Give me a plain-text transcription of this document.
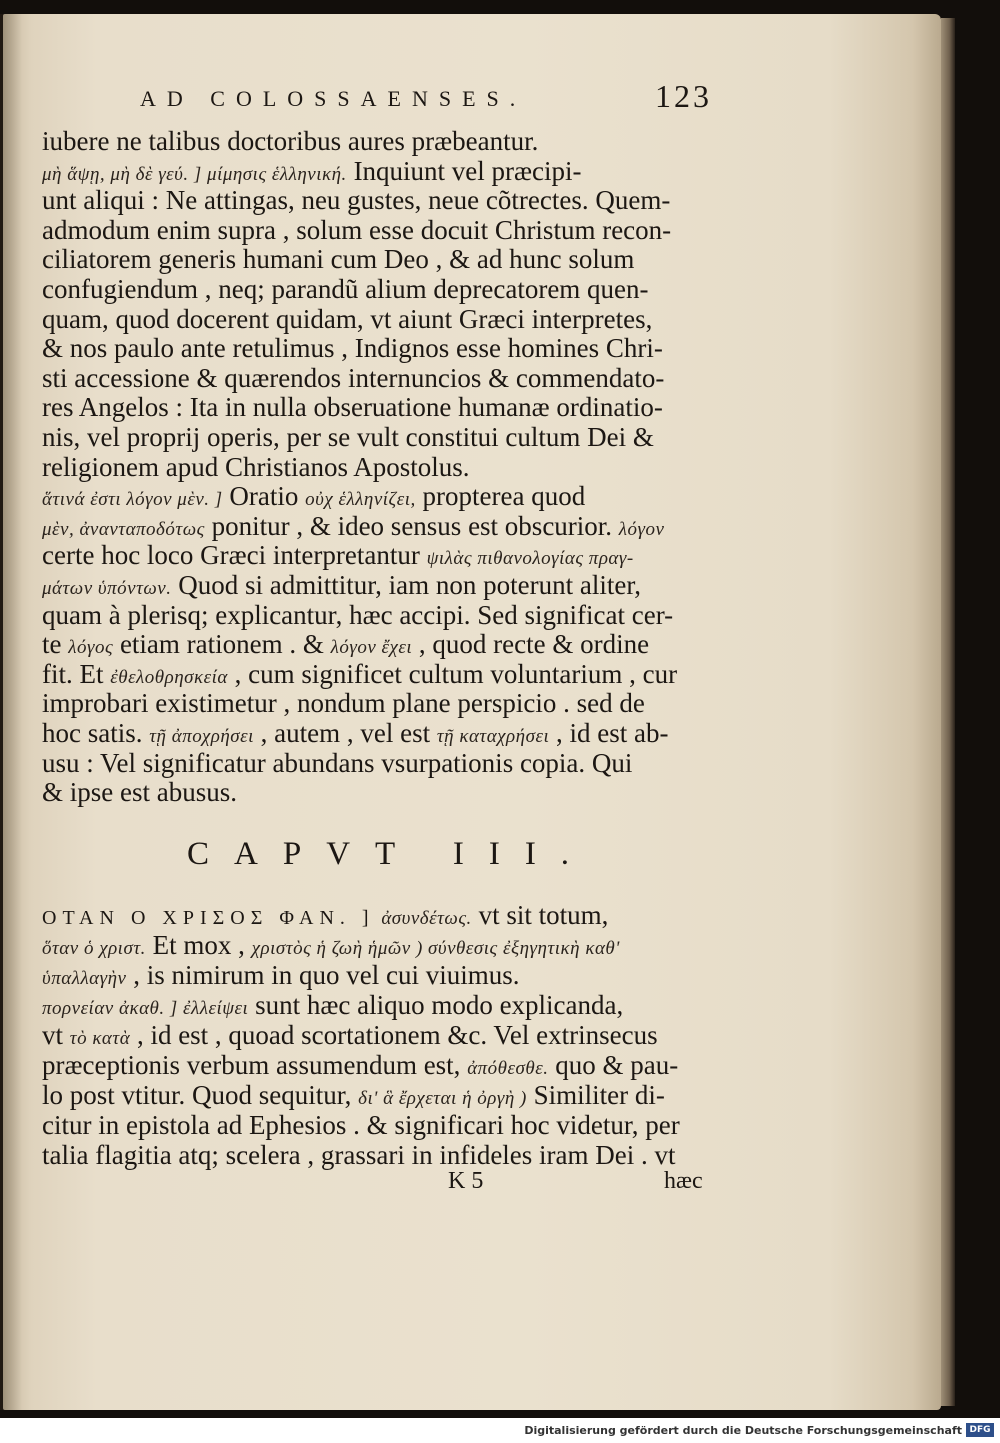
AD COLOSSAENSES.	123
iubere ne talibus doctoribus aures præbeantur.
μὴ ἅψῃ, μὴ δὲ γεύ. ] μίμησις ἑλληνική. Inquiunt vel præcipi-
unt aliqui : Ne attingas, neu gustes, neue cõtrectes. Quem-
admodum enim supra , solum esse docuit Christum recon-
ciliatorem generis humani cum Deo , & ad hunc solum
confugiendum , neq; parandũ alium deprecatorem quen-
quam, quod docerent quidam, vt aiunt Græci interpretes,
& nos paulo ante retulimus , Indignos esse homines Chri-
sti accessione & quærendos internuncios & commendato-
res Angelos : Ita in nulla obseruatione humanæ ordinatio-
nis, vel proprij operis, per se vult constitui cultum Dei &
religionem apud Christianos Apostolus.
ἅτινά ἐστι λόγον μὲν. ] Oratio οὐχ ἑλληνίζει, propterea quod
μὲν, ἀνανταποδότως ponitur , & ideo sensus est obscurior. λόγον
certe hoc loco Græci interpretantur ψιλὰς πιθανολογίας πραγ-
μάτων ὑπόντων. Quod si admittitur, iam non poterunt aliter,
quam à plerisq; explicantur, hæc accipi. Sed significat cer-
te λόγος etiam rationem . & λόγον ἔχει , quod recte & ordine
fit. Et ἐθελοθρησκεία , cum significet cultum voluntarium , cur
improbari existimetur , nondum plane perspicio . sed de
hoc satis. τῇ ἀποχρήσει , autem , vel est τῇ καταχρήσει , id est ab-
usu : Vel significatur abundans vsurpationis copia. Qui
& ipse est abusus.
CAPVT III.
ΟΤΑΝ Ο ΧΡΙΣΟΣ ΦΑΝ. ] ἀσυνδέτως. vt sit totum,
ὅταν ὁ χριστ. Et mox , χριστὸς ἡ ζωὴ ἡμῶν ) σύνθεσις ἐξηγητικὴ καθ'
ὑπαλλαγὴν , is nimirum in quo vel cui viuimus.
πορνείαν ἀκαθ. ] ἐλλείψει sunt hæc aliquo modo explicanda,
vt τὸ κατὰ , id est , quoad scortationem &c. Vel extrinsecus
præceptionis verbum assumendum est, ἀπόθεσθε. quo & pau-
lo post vtitur. Quod sequitur, δι' ἃ ἔρχεται ἡ ὀργὴ ) Similiter di-
citur in epistola ad Ephesios . & significari hoc videtur, per
talia flagitia atq; scelera , grassari in infideles iram Dei . vt
K 5	hæc
Digitalisierung gefördert durch die Deutsche Forschungsgemeinschaft DFG
